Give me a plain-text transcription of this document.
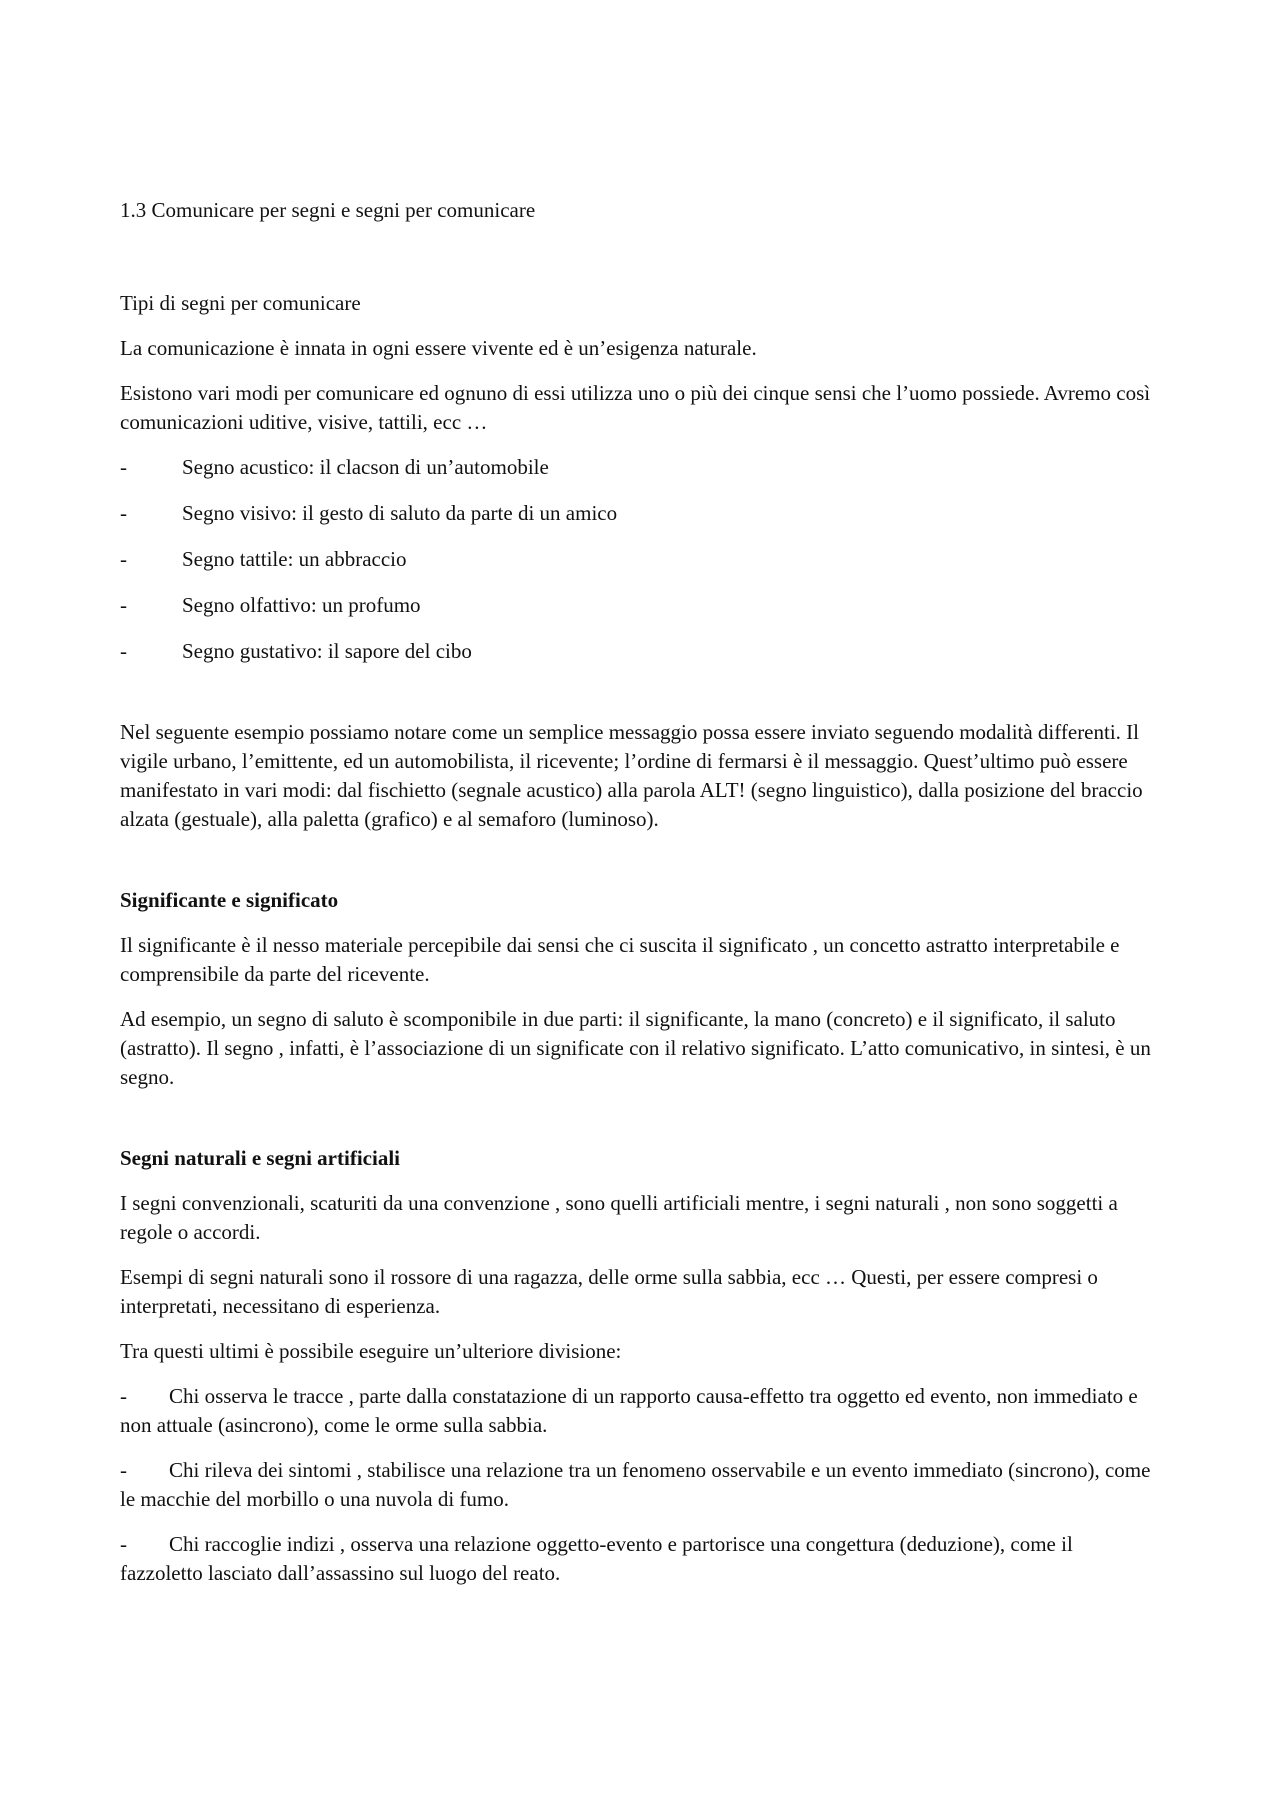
1.3 Comunicare per segni e segni per comunicare

Tipi di segni per comunicare

La comunicazione è innata in ogni essere vivente ed è un’esigenza naturale.

Esistono vari modi per comunicare ed ognuno di essi utilizza uno o più dei cinque sensi che l’uomo possiede. Avremo così comunicazioni uditive, visive, tattili, ecc …

-	Segno acustico: il clacson di un’automobile
-	Segno visivo: il gesto di saluto da parte di un amico
-	Segno tattile: un abbraccio
-	Segno olfattivo: un profumo
-	Segno gustativo: il sapore del cibo

Nel seguente esempio possiamo notare come un semplice messaggio possa essere inviato seguendo modalità differenti. Il vigile urbano, l’emittente, ed un automobilista, il ricevente; l’ordine di fermarsi è il messaggio. Quest’ultimo può essere manifestato in vari modi: dal fischietto (segnale acustico) alla parola ALT! (segno linguistico), dalla posizione del braccio alzata (gestuale), alla paletta (grafico) e al semaforo (luminoso).

Significante e significato

Il significante è il nesso materiale percepibile dai sensi che ci suscita il significato , un concetto astratto interpretabile e comprensibile da parte del ricevente.

Ad esempio, un segno di saluto è scomponibile in due parti: il significante, la mano (concreto) e il significato, il saluto (astratto). Il segno , infatti, è l’associazione di un significate con il relativo significato. L’atto comunicativo, in sintesi, è un segno.

Segni naturali e segni artificiali

I segni convenzionali, scaturiti da una convenzione , sono quelli artificiali mentre, i segni naturali , non sono soggetti a regole o accordi.

Esempi di segni naturali sono il rossore di una ragazza, delle orme sulla sabbia, ecc … Questi, per essere compresi o interpretati, necessitano di esperienza.

Tra questi ultimi è possibile eseguire un’ulteriore divisione:

- Chi osserva le tracce , parte dalla constatazione di un rapporto causa-effetto tra oggetto ed evento, non immediato e non attuale (asincrono), come le orme sulla sabbia.

- Chi rileva dei sintomi , stabilisce una relazione tra un fenomeno osservabile e un evento immediato (sincrono), come le macchie del morbillo o una nuvola di fumo.

- Chi raccoglie indizi , osserva una relazione oggetto-evento e partorisce una congettura (deduzione), come il fazzoletto lasciato dall’assassino sul luogo del reato.
